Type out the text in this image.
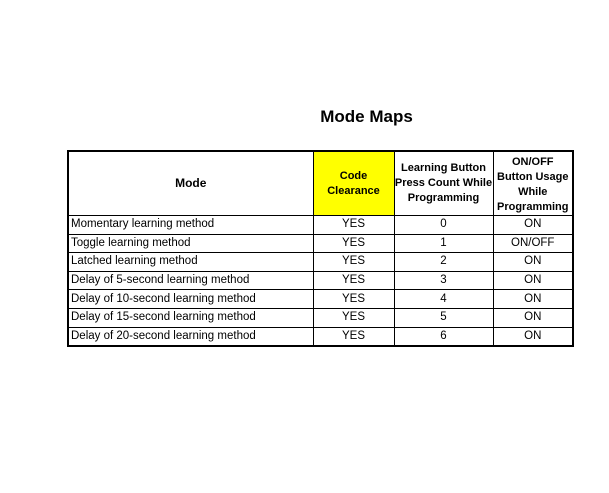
Mode Maps
Mode	Code Clearance	Learning Button Press Count While Programming	ON/OFF Button Usage While Programming

Momentary learning method	YES	0	ON
Toggle learning method	YES	1	ON/OFF
Latched learning method	YES	2	ON
Delay of 5-second learning method	YES	3	ON
Delay of 10-second learning method	YES	4	ON
Delay of 15-second learning method	YES	5	ON
Delay of 20-second learning method	YES	6	ON
